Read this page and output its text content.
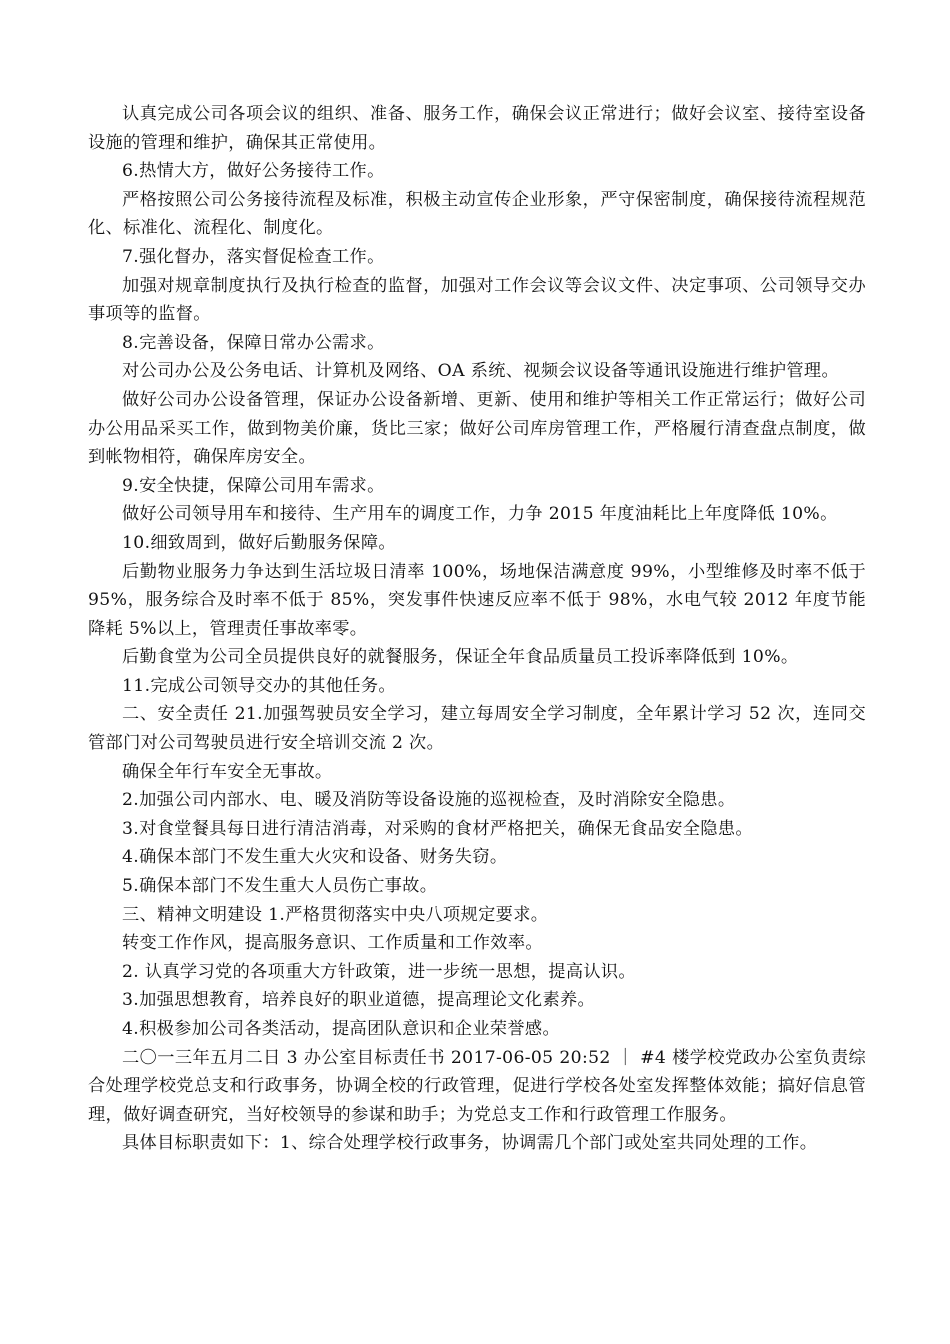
认真完成公司各项会议的组织、准备、服务工作，确保会议正常进行；做好会议室、接待室设备设施的管理和维护，确保其正常使用。

6.热情大方，做好公务接待工作。

严格按照公司公务接待流程及标准，积极主动宣传企业形象，严守保密制度，确保接待流程规范化、标准化、流程化、制度化。

7.强化督办，落实督促检查工作。

加强对规章制度执行及执行检查的监督，加强对工作会议等会议文件、决定事项、公司领导交办事项等的监督。

8.完善设备，保障日常办公需求。

对公司办公及公务电话、计算机及网络、OA 系统、视频会议设备等通讯设施进行维护管理。

做好公司办公设备管理，保证办公设备新增、更新、使用和维护等相关工作正常运行；做好公司办公用品采买工作，做到物美价廉，货比三家；做好公司库房管理工作，严格履行清查盘点制度，做到帐物相符，确保库房安全。

9.安全快捷，保障公司用车需求。

做好公司领导用车和接待、生产用车的调度工作，力争 2015 年度油耗比上年度降低 10%。

10.细致周到，做好后勤服务保障。

后勤物业服务力争达到生活垃圾日清率 100%，场地保洁满意度 99%，小型维修及时率不低于 95%，服务综合及时率不低于 85%，突发事件快速反应率不低于 98%，水电气较 2012 年度节能降耗 5%以上，管理责任事故率零。

后勤食堂为公司全员提供良好的就餐服务，保证全年食品质量员工投诉率降低到 10%。

11.完成公司领导交办的其他任务。

二、安全责任 21.加强驾驶员安全学习，建立每周安全学习制度，全年累计学习 52 次，连同交管部门对公司驾驶员进行安全培训交流 2 次。

确保全年行车安全无事故。

2.加强公司内部水、电、暖及消防等设备设施的巡视检查，及时消除安全隐患。

3.对食堂餐具每日进行清洁消毒，对采购的食材严格把关，确保无食品安全隐患。

4.确保本部门不发生重大火灾和设备、财务失窃。

5.确保本部门不发生重大人员伤亡事故。

三、精神文明建设 1.严格贯彻落实中央八项规定要求。

转变工作作风，提高服务意识、工作质量和工作效率。

2. 认真学习党的各项重大方针政策，进一步统一思想，提高认识。

3.加强思想教育，培养良好的职业道德，提高理论文化素养。

4.积极参加公司各类活动，提高团队意识和企业荣誉感。

二〇一三年五月二日 3 办公室目标责任书 2017-06-05 20:52 ｜ #4 楼学校党政办公室负责综合处理学校党总支和行政事务，协调全校的行政管理，促进行学校各处室发挥整体效能；搞好信息管理，做好调查研究，当好校领导的参谋和助手；为党总支工作和行政管理工作服务。

具体目标职责如下：1、综合处理学校行政事务，协调需几个部门或处室共同处理的工作。
